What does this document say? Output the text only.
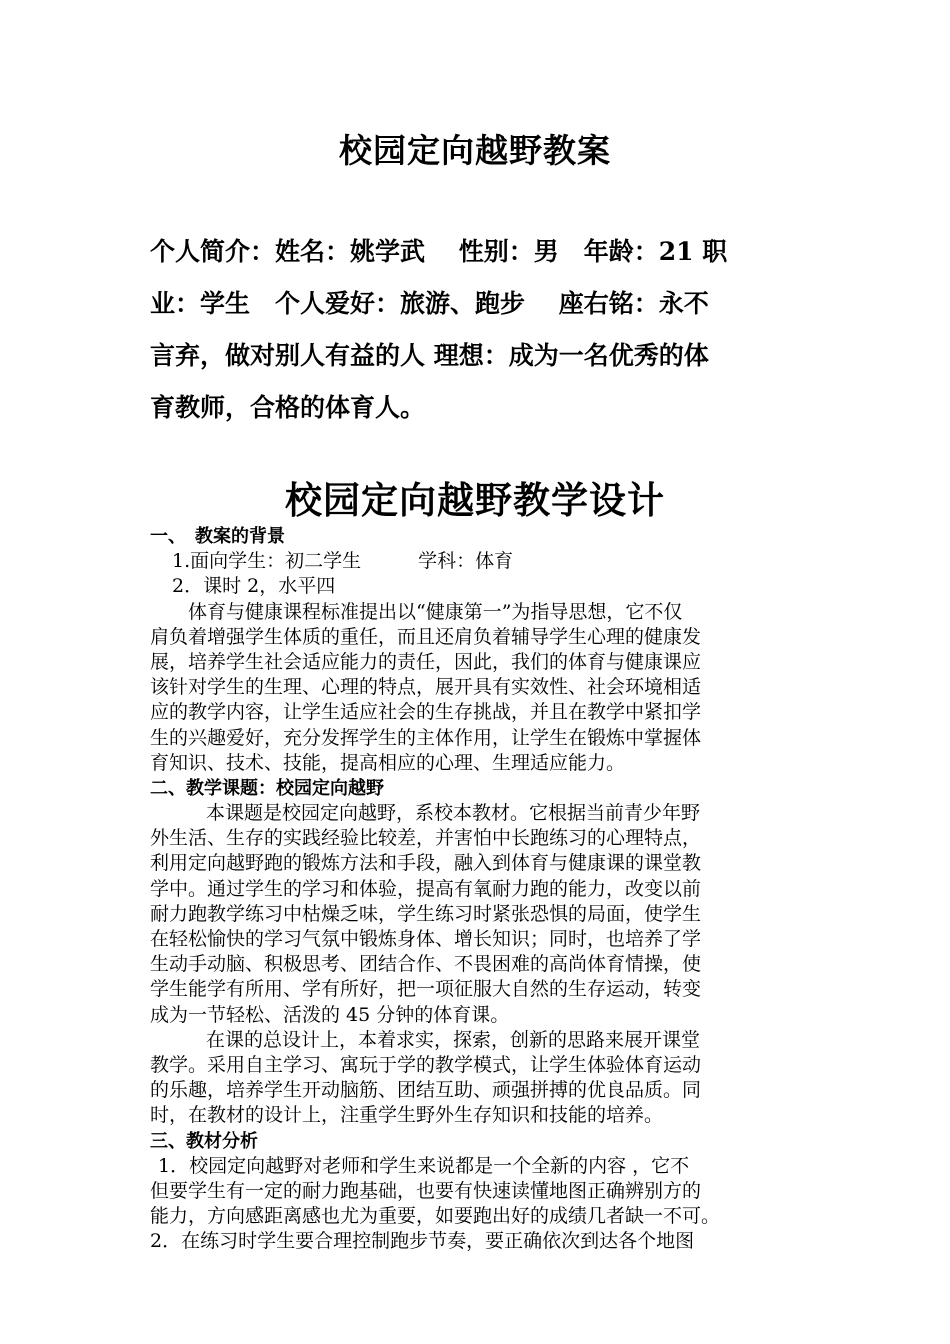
校园定向越野教案
个人简介：姓名：姚学武　 性别：男　年龄：21 职
业：学生　个人爱好：旅游、跑步　 座右铭：永不
言弃，做对别人有益的人 理想：成为一名优秀的体
育教师，合格的体育人。
校园定向越野教学设计
一、　教案的背景
1.面向学生：初二学生　　　学科：体育
2．课时 2，水平四
体育与健康课程标准提出以“健康第一”为指导思想，它不仅
肩负着增强学生体质的重任，而且还肩负着辅导学生心理的健康发
展，培养学生社会适应能力的责任，因此，我们的体育与健康课应
该针对学生的生理、心理的特点，展开具有实效性、社会环境相适
应的教学内容，让学生适应社会的生存挑战，并且在教学中紧扣学
生的兴趣爱好，充分发挥学生的主体作用，让学生在锻炼中掌握体
育知识、技术、技能，提高相应的心理、生理适应能力。
二、教学课题：校园定向越野
本课题是校园定向越野，系校本教材。它根据当前青少年野
外生活、生存的实践经验比较差，并害怕中长跑练习的心理特点，
利用定向越野跑的锻炼方法和手段，融入到体育与健康课的课堂教
学中。通过学生的学习和体验，提高有氧耐力跑的能力，改变以前
耐力跑教学练习中枯燥乏味，学生练习时紧张恐惧的局面，使学生
在轻松愉快的学习气氛中锻炼身体、增长知识；同时，也培养了学
生动手动脑、积极思考、团结合作、不畏困难的高尚体育情操，使
学生能学有所用、学有所好，把一项征服大自然的生存运动，转变
成为一节轻松、活泼的 45 分钟的体育课。
在课的总设计上，本着求实，探索，创新的思路来展开课堂
教学。采用自主学习、寓玩于学的教学模式，让学生体验体育运动
的乐趣，培养学生开动脑筋、团结互助、顽强拼搏的优良品质。同
时，在教材的设计上，注重学生野外生存知识和技能的培养。
三、教材分析
1．校园定向越野对老师和学生来说都是一个全新的内容 ，它不
但要学生有一定的耐力跑基础，也要有快速读懂地图正确辨别方的
能力，方向感距离感也尤为重要，如要跑出好的成绩几者缺一不可。
2．在练习时学生要合理控制跑步节奏，要正确依次到达各个地图
